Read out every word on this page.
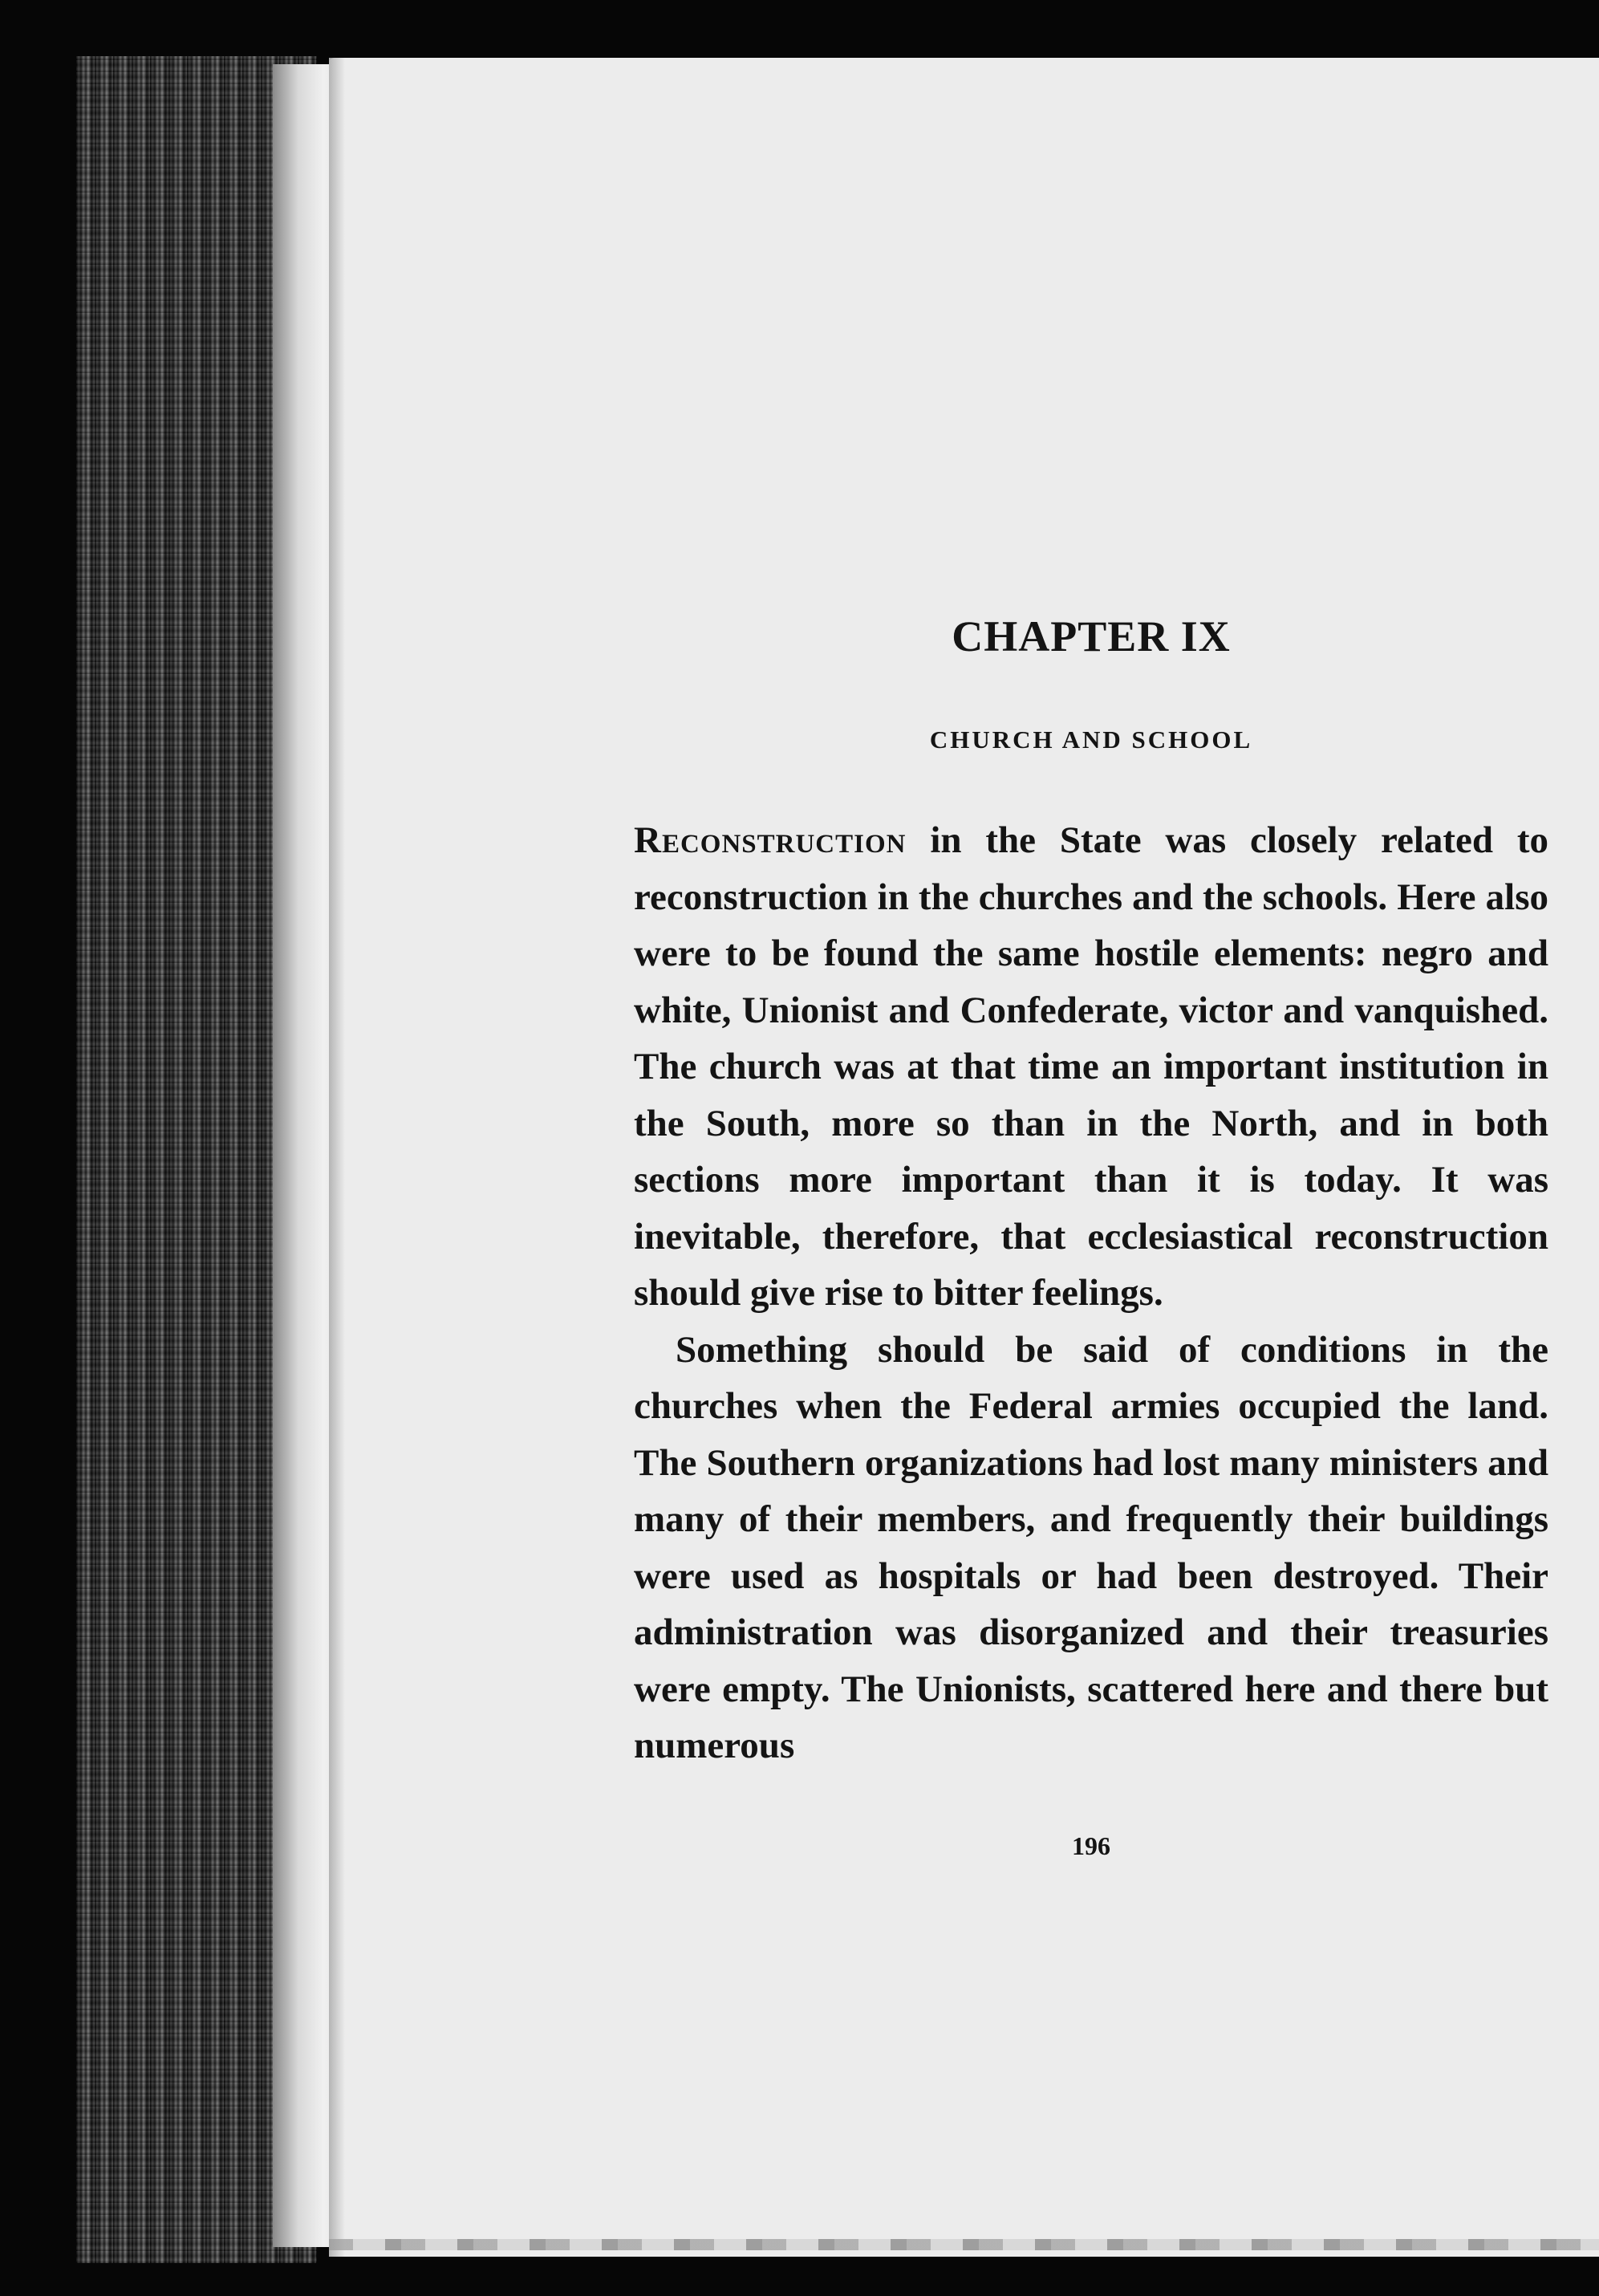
CHAPTER IX
CHURCH AND SCHOOL

Reconstruction in the State was closely related to reconstruction in the churches and the schools. Here also were to be found the same hostile elements: negro and white, Unionist and Confederate, victor and vanquished. The church was at that time an important institution in the South, more so than in the North, and in both sections more important than it is today. It was inevitable, therefore, that ecclesiastical reconstruction should give rise to bitter feelings.

Something should be said of conditions in the churches when the Federal armies occupied the land. The Southern organizations had lost many ministers and many of their members, and frequently their buildings were used as hospitals or had been destroyed. Their administration was disorganized and their treasuries were empty. The Unionists, scattered here and there but numerous

196
